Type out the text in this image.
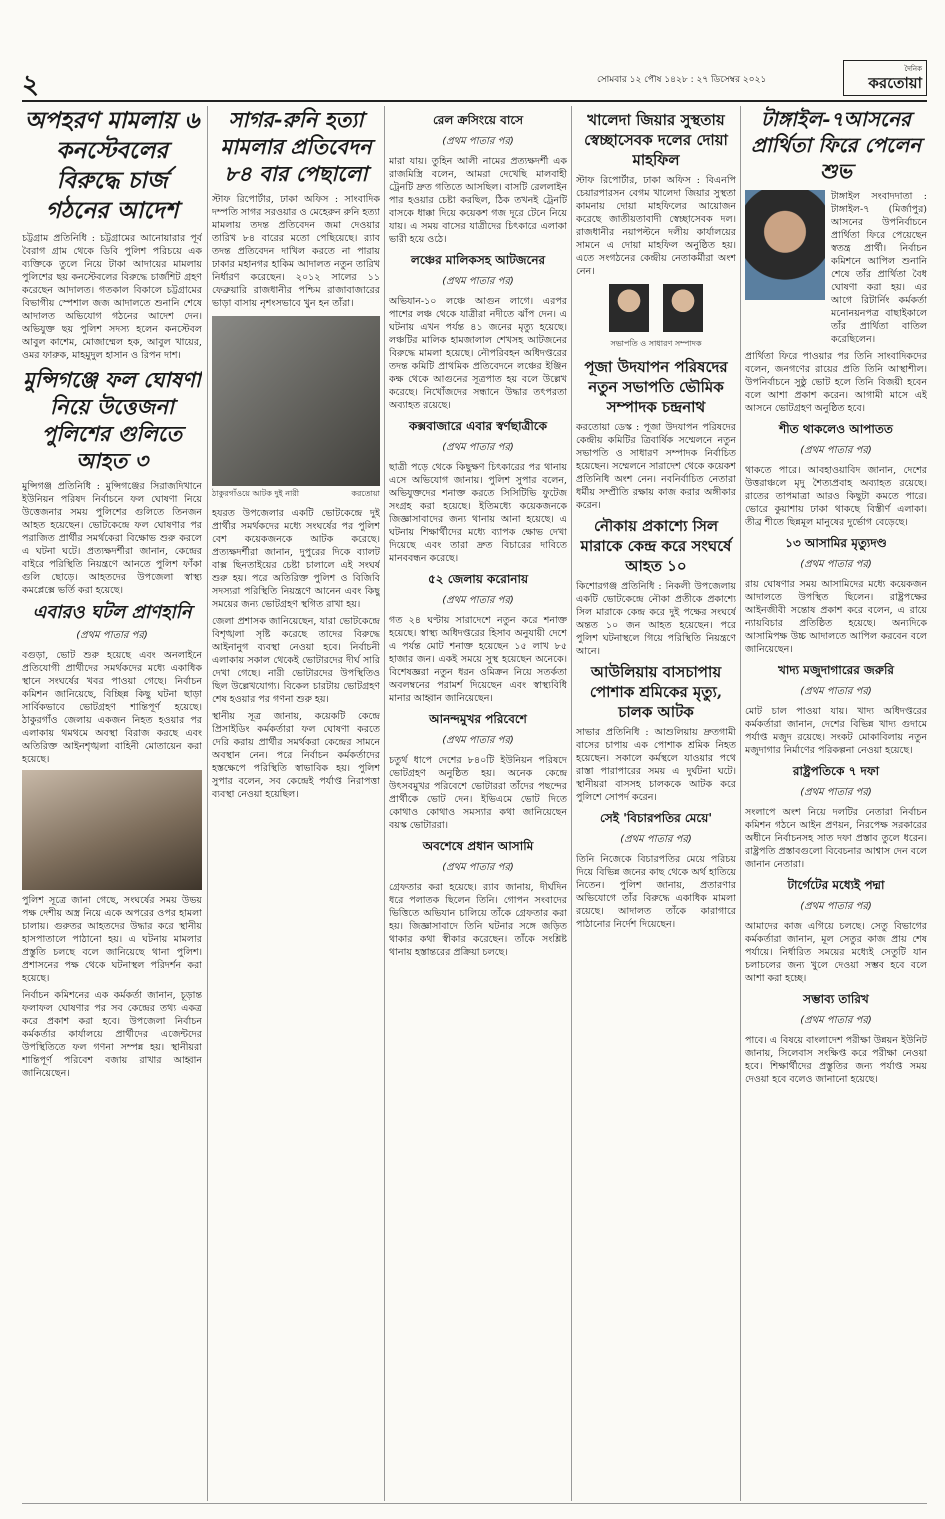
২	সোমবার ১২ পৌষ ১৪২৮ : ২৭ ডিসেম্বর ২০২১
দৈনিক
করতোয়া
অপহরণ মামলায় ৬ কনস্টেবলের বিরুদ্ধে চার্জ গঠনের আদেশ

চট্টগ্রাম প্রতিনিধি : চট্টগ্রামের আনোয়ারার পূর্ব বৈরাগ গ্রাম থেকে ডিবি পুলিশ পরিচয়ে এক ব্যক্তিকে তুলে নিয়ে টাকা আদায়ের মামলায় পুলিশের ছয় কনস্টেবলের বিরুদ্ধে চার্জশিট গ্রহণ করেছেন আদালত। গতকাল বিকালে চট্টগ্রামের বিভাগীয় স্পেশাল জজ আদালতে শুনানি শেষে আদালত অভিযোগ গঠনের আদেশ দেন। অভিযুক্ত ছয় পুলিশ সদস্য হলেন কনস্টেবল আবুল কাশেম, মোজাম্মেল হক, আবুল খায়ের, ওমর ফারুক, মাহমুদুল হাসান ও রিপন দাশ।

মুন্সিগঞ্জে ফল ঘোষণা নিয়ে উত্তেজনা পুলিশের গুলিতে আহত ৩

মুন্সিগঞ্জ প্রতিনিধি : মুন্সিগঞ্জের সিরাজদিখানে ইউনিয়ন পরিষদ নির্বাচনে ফল ঘোষণা নিয়ে উত্তেজনার সময় পুলিশের গুলিতে তিনজন আহত হয়েছেন। ভোটকেন্দ্রে ফল ঘোষণার পর পরাজিত প্রার্থীর সমর্থকেরা বিক্ষোভ শুরু করলে এ ঘটনা ঘটে। প্রত্যক্ষদর্শীরা জানান, কেন্দ্রের বাইরে পরিস্থিতি নিয়ন্ত্রণে আনতে পুলিশ ফাঁকা গুলি ছোড়ে। আহতদের উপজেলা স্বাস্থ্য কমপ্লেক্সে ভর্তি করা হয়েছে।

এবারও ঘটল প্রাণহানি
(প্রথম পাতার পর)

বগুড়া, ভোট শুরু হয়েছে এবং অনলাইনে প্রতিযোগী প্রার্থীদের সমর্থকদের মধ্যে একাধিক স্থানে সংঘর্ষের খবর পাওয়া গেছে। নির্বাচন কমিশন জানিয়েছে, বিচ্ছিন্ন কিছু ঘটনা ছাড়া সার্বিকভাবে ভোটগ্রহণ শান্তিপূর্ণ হয়েছে। ঠাকুরগাঁও জেলায় একজন নিহত হওয়ার পর এলাকায় থমথমে অবস্থা বিরাজ করছে এবং অতিরিক্ত আইনশৃঙ্খলা বাহিনী মোতায়েন করা হয়েছে।

পুলিশ সূত্রে জানা গেছে, সংঘর্ষের সময় উভয় পক্ষ দেশীয় অস্ত্র নিয়ে একে অপরের ওপর হামলা চালায়। গুরুতর আহতদের উদ্ধার করে স্থানীয় হাসপাতালে পাঠানো হয়। এ ঘটনায় মামলার প্রস্তুতি চলছে বলে জানিয়েছে থানা পুলিশ। প্রশাসনের পক্ষ থেকে ঘটনাস্থল পরিদর্শন করা হয়েছে।

নির্বাচন কমিশনের এক কর্মকর্তা জানান, চূড়ান্ত ফলাফল ঘোষণার পর সব কেন্দ্রের তথ্য একত্র করে প্রকাশ করা হবে। উপজেলা নির্বাচন কর্মকর্তার কার্যালয়ে প্রার্থীদের এজেন্টদের উপস্থিতিতে ফল গণনা সম্পন্ন হয়। স্থানীয়রা শান্তিপূর্ণ পরিবেশ বজায় রাখার আহ্বান জানিয়েছেন।

সাগর-রুনি হত্যা মামলার প্রতিবেদন ৮৪ বার পেছালো

স্টাফ রিপোর্টার, ঢাকা অফিস : সাংবাদিক দম্পতি সাগর সরওয়ার ও মেহেরুন রুনি হত্যা মামলায় তদন্ত প্রতিবেদন জমা দেওয়ার তারিখ ৮৪ বারের মতো পেছিয়েছে। র‌্যাব তদন্ত প্রতিবেদন দাখিল করতে না পারায় ঢাকার মহানগর হাকিম আদালত নতুন তারিখ নির্ধারণ করেছেন। ২০১২ সালের ১১ ফেব্রুয়ারি রাজধানীর পশ্চিম রাজাবাজারের ভাড়া বাসায় নৃশংসভাবে খুন হন তাঁরা।

ঠাকুরগাঁওয়ে আটক দুই নারী	করতোয়া

হযরত উপজেলার একটি ভোটকেন্দ্রে দুই প্রার্থীর সমর্থকদের মধ্যে সংঘর্ষের পর পুলিশ বেশ কয়েকজনকে আটক করেছে। প্রত্যক্ষদর্শীরা জানান, দুপুরের দিকে ব্যালট বাক্স ছিনতাইয়ের চেষ্টা চালালে এই সংঘর্ষ শুরু হয়। পরে অতিরিক্ত পুলিশ ও বিজিবি সদস্যরা পরিস্থিতি নিয়ন্ত্রণে আনেন এবং কিছু সময়ের জন্য ভোটগ্রহণ স্থগিত রাখা হয়।

জেলা প্রশাসক জানিয়েছেন, যারা ভোটকেন্দ্রে বিশৃঙ্খলা সৃষ্টি করেছে তাদের বিরুদ্ধে আইনানুগ ব্যবস্থা নেওয়া হবে। নির্বাচনী এলাকায় সকাল থেকেই ভোটারদের দীর্ঘ সারি দেখা গেছে। নারী ভোটারদের উপস্থিতিও ছিল উল্লেখযোগ্য। বিকেল চারটায় ভোটগ্রহণ শেষ হওয়ার পর গণনা শুরু হয়।

স্থানীয় সূত্র জানায়, কয়েকটি কেন্দ্রে প্রিসাইডিং কর্মকর্তারা ফল ঘোষণা করতে দেরি করায় প্রার্থীর সমর্থকরা কেন্দ্রের সামনে অবস্থান নেন। পরে নির্বাচন কর্মকর্তাদের হস্তক্ষেপে পরিস্থিতি স্বাভাবিক হয়। পুলিশ সুপার বলেন, সব কেন্দ্রেই পর্যাপ্ত নিরাপত্তা ব্যবস্থা নেওয়া হয়েছিল।

রেল ক্রসিংয়ে বাসে
(প্রথম পাতার পর)

মারা যায়। তুহিন আলী নামের প্রত্যক্ষদর্শী এক রাজমিস্ত্রি বলেন, আমরা দেখেছি মালবাহী ট্রেনটি দ্রুত গতিতে আসছিল। বাসটি রেললাইন পার হওয়ার চেষ্টা করছিল, ঠিক তখনই ট্রেনটি বাসকে ধাক্কা দিয়ে কয়েকশ গজ দূরে টেনে নিয়ে যায়। এ সময় বাসের যাত্রীদের চিৎকারে এলাকা ভারী হয়ে ওঠে।

লঞ্চের মালিকসহ আটজনের
(প্রথম পাতার পর)

অভিযান-১০ লঞ্চে আগুন লাগে। এরপর পাশের লঞ্চ থেকে যাত্রীরা নদীতে ঝাঁপ দেন। এ ঘটনায় এখন পর্যন্ত ৪১ জনের মৃত্যু হয়েছে। লঞ্চটির মালিক হামজালাল শেখসহ আটজনের বিরুদ্ধে মামলা হয়েছে। নৌপরিবহন অধিদপ্তরের তদন্ত কমিটি প্রাথমিক প্রতিবেদনে লঞ্চের ইঞ্জিন কক্ষ থেকে আগুনের সূত্রপাত হয় বলে উল্লেখ করেছে। নিখোঁজদের সন্ধানে উদ্ধার তৎপরতা অব্যাহত রয়েছে।

কক্সবাজারে এবার স্বর্ণছাত্রীকে
(প্রথম পাতার পর)

ছাত্রী পড়ে থেকে কিছুক্ষণ চিৎকারের পর থানায় এসে অভিযোগ জানায়। পুলিশ সুপার বলেন, অভিযুক্তদের শনাক্ত করতে সিসিটিভি ফুটেজ সংগ্রহ করা হয়েছে। ইতিমধ্যে কয়েকজনকে জিজ্ঞাসাবাদের জন্য থানায় আনা হয়েছে। এ ঘটনায় শিক্ষার্থীদের মধ্যে ব্যাপক ক্ষোভ দেখা দিয়েছে এবং তারা দ্রুত বিচারের দাবিতে মানববন্ধন করেছে।

৫২ জেলায় করোনায়
(প্রথম পাতার পর)

গত ২৪ ঘণ্টায় সারাদেশে নতুন করে শনাক্ত হয়েছে। স্বাস্থ্য অধিদপ্তরের হিসাব অনুযায়ী দেশে এ পর্যন্ত মোট শনাক্ত হয়েছেন ১৫ লাখ ৮৫ হাজার জন। একই সময়ে সুস্থ হয়েছেন অনেকে। বিশেষজ্ঞরা নতুন ধরন ওমিক্রন নিয়ে সতর্কতা অবলম্বনের পরামর্শ দিয়েছেন এবং স্বাস্থ্যবিধি মানার আহ্বান জানিয়েছেন।

আনন্দমুখর পরিবেশে
(প্রথম পাতার পর)

চতুর্থ ধাপে দেশের ৮৪০টি ইউনিয়ন পরিষদে ভোটগ্রহণ অনুষ্ঠিত হয়। অনেক কেন্দ্রে উৎসবমুখর পরিবেশে ভোটাররা তাঁদের পছন্দের প্রার্থীকে ভোট দেন। ইভিএমে ভোট দিতে কোথাও কোথাও সমস্যার কথা জানিয়েছেন বয়স্ক ভোটাররা।

অবশেষে প্রধান আসামি
(প্রথম পাতার পর)

গ্রেফতার করা হয়েছে। র‌্যাব জানায়, দীর্ঘদিন ধরে পলাতক ছিলেন তিনি। গোপন সংবাদের ভিত্তিতে অভিযান চালিয়ে তাঁকে গ্রেফতার করা হয়। জিজ্ঞাসাবাদে তিনি ঘটনার সঙ্গে জড়িত থাকার কথা স্বীকার করেছেন। তাঁকে সংশ্লিষ্ট থানায় হস্তান্তরের প্রক্রিয়া চলছে।

খালেদা জিয়ার সুস্থতায় স্বেচ্ছাসেবক দলের দোয়া মাহফিল

স্টাফ রিপোর্টার, ঢাকা অফিস : বিএনপি চেয়ারপারসন বেগম খালেদা জিয়ার সুস্থতা কামনায় দোয়া মাহফিলের আয়োজন করেছে জাতীয়তাবাদী স্বেচ্ছাসেবক দল। রাজধানীর নয়াপল্টনে দলীয় কার্যালয়ের সামনে এ দোয়া মাহফিল অনুষ্ঠিত হয়। এতে সংগঠনের কেন্দ্রীয় নেতাকর্মীরা অংশ নেন।

সভাপতি ও সাধারণ সম্পাদক
পূজা উদযাপন পরিষদের নতুন সভাপতি ভৌমিক সম্পাদক চন্দ্রনাথ

করতোয়া ডেস্ক : পূজা উদযাপন পরিষদের কেন্দ্রীয় কমিটির ত্রিবার্ষিক সম্মেলনে নতুন সভাপতি ও সাধারণ সম্পাদক নির্বাচিত হয়েছেন। সম্মেলনে সারাদেশ থেকে কয়েকশ প্রতিনিধি অংশ নেন। নবনির্বাচিত নেতারা ধর্মীয় সম্প্রীতি রক্ষায় কাজ করার অঙ্গীকার করেন।

নৌকায় প্রকাশ্যে সিল মারাকে কেন্দ্র করে সংঘর্ষে আহত ১০

কিশোরগঞ্জ প্রতিনিধি : নিকলী উপজেলায় একটি ভোটকেন্দ্রে নৌকা প্রতীকে প্রকাশ্যে সিল মারাকে কেন্দ্র করে দুই পক্ষের সংঘর্ষে অন্তত ১০ জন আহত হয়েছেন। পরে পুলিশ ঘটনাস্থলে গিয়ে পরিস্থিতি নিয়ন্ত্রণে আনে।

আউলিয়ায় বাসচাপায় পোশাক শ্রমিকের মৃত্যু, চালক আটক

সাভার প্রতিনিধি : আশুলিয়ায় দ্রুতগামী বাসের চাপায় এক পোশাক শ্রমিক নিহত হয়েছেন। সকালে কর্মস্থলে যাওয়ার পথে রাস্তা পারাপারের সময় এ দুর্ঘটনা ঘটে। স্থানীয়রা বাসসহ চালককে আটক করে পুলিশে সোপর্দ করেন।

সেই 'বিচারপতির মেয়ে'
(প্রথম পাতার পর)

তিনি নিজেকে বিচারপতির মেয়ে পরিচয় দিয়ে বিভিন্ন জনের কাছ থেকে অর্থ হাতিয়ে নিতেন। পুলিশ জানায়, প্রতারণার অভিযোগে তাঁর বিরুদ্ধে একাধিক মামলা রয়েছে। আদালত তাঁকে কারাগারে পাঠানোর নির্দেশ দিয়েছেন।

টাঙ্গাইল-৭আসনের প্রার্থিতা ফিরে পেলেন শুভ

টাঙ্গাইল সংবাদদাতা : টাঙ্গাইল-৭ (মির্জাপুর) আসনের উপনির্বাচনে প্রার্থিতা ফিরে পেয়েছেন স্বতন্ত্র প্রার্থী। নির্বাচন কমিশনে আপিল শুনানি শেষে তাঁর প্রার্থিতা বৈধ ঘোষণা করা হয়। এর আগে রিটার্নিং কর্মকর্তা মনোনয়নপত্র বাছাইকালে তাঁর প্রার্থিতা বাতিল করেছিলেন।

প্রার্থিতা ফিরে পাওয়ার পর তিনি সাংবাদিকদের বলেন, জনগণের রায়ের প্রতি তিনি আস্থাশীল। উপনির্বাচনে সুষ্ঠু ভোট হলে তিনি বিজয়ী হবেন বলে আশা প্রকাশ করেন। আগামী মাসে এই আসনে ভোটগ্রহণ অনুষ্ঠিত হবে।

শীত থাকলেও আপাতত
(প্রথম পাতার পর)

থাকতে পারে। আবহাওয়াবিদ জানান, দেশের উত্তরাঞ্চলে মৃদু শৈত্যপ্রবাহ অব্যাহত রয়েছে। রাতের তাপমাত্রা আরও কিছুটা কমতে পারে। ভোরে কুয়াশায় ঢাকা থাকছে বিস্তীর্ণ এলাকা। তীব্র শীতে ছিন্নমূল মানুষের দুর্ভোগ বেড়েছে।

১৩ আসামির মৃত্যুদণ্ড
(প্রথম পাতার পর)

রায় ঘোষণার সময় আসামিদের মধ্যে কয়েকজন আদালতে উপস্থিত ছিলেন। রাষ্ট্রপক্ষের আইনজীবী সন্তোষ প্রকাশ করে বলেন, এ রায়ে ন্যায়বিচার প্রতিষ্ঠিত হয়েছে। অন্যদিকে আসামিপক্ষ উচ্চ আদালতে আপিল করবেন বলে জানিয়েছেন।

খাদ্য মজুদাগারের জরুরি
(প্রথম পাতার পর)

মোট চাল পাওয়া যায়। খাদ্য অধিদপ্তরের কর্মকর্তারা জানান, দেশের বিভিন্ন খাদ্য গুদামে পর্যাপ্ত মজুদ রয়েছে। সংকট মোকাবিলায় নতুন মজুদাগার নির্মাণের পরিকল্পনা নেওয়া হয়েছে।

রাষ্ট্রপতিকে ৭ দফা
(প্রথম পাতার পর)

সংলাপে অংশ নিয়ে দলটির নেতারা নির্বাচন কমিশন গঠনে আইন প্রণয়ন, নিরপেক্ষ সরকারের অধীনে নির্বাচনসহ সাত দফা প্রস্তাব তুলে ধরেন। রাষ্ট্রপতি প্রস্তাবগুলো বিবেচনার আশ্বাস দেন বলে জানান নেতারা।

টার্গেটের মধ্যেই পদ্মা
(প্রথম পাতার পর)

আমাদের কাজ এগিয়ে চলছে। সেতু বিভাগের কর্মকর্তারা জানান, মূল সেতুর কাজ প্রায় শেষ পর্যায়ে। নির্ধারিত সময়ের মধ্যেই সেতুটি যান চলাচলের জন্য খুলে দেওয়া সম্ভব হবে বলে আশা করা হচ্ছে।

সম্ভাব্য তারিখ
(প্রথম পাতার পর)

পাবে। এ বিষয়ে বাংলাদেশ পরীক্ষা উন্নয়ন ইউনিট জানায়, সিলেবাস সংক্ষিপ্ত করে পরীক্ষা নেওয়া হবে। শিক্ষার্থীদের প্রস্তুতির জন্য পর্যাপ্ত সময় দেওয়া হবে বলেও জানানো হয়েছে।
